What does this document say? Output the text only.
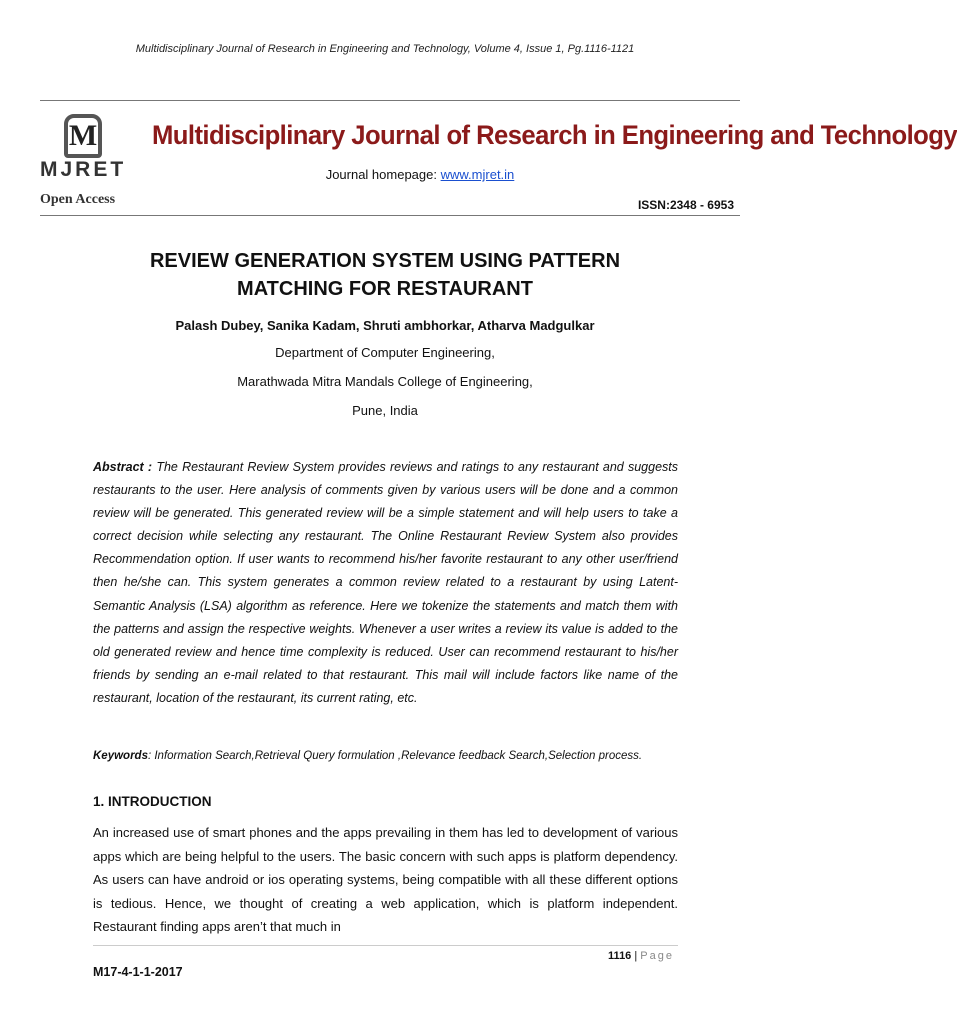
Multidisciplinary Journal of Research in Engineering and Technology, Volume 4, Issue 1, Pg.1116-1121
M
MJRET
Open Access
Multidisciplinary Journal of Research in Engineering and Technology
Journal homepage: www.mjret.in
ISSN:2348 - 6953
REVIEW GENERATION SYSTEM USING PATTERN
MATCHING FOR RESTAURANT
Palash Dubey, Sanika Kadam, Shruti ambhorkar, Atharva Madgulkar
Department of Computer Engineering,
Marathwada Mitra Mandals College of Engineering,
Pune, India
Abstract : The Restaurant Review System provides reviews and ratings to any restaurant and suggests restaurants to the user. Here analysis of comments given by various users will be done and a common review will be generated. This generated review will be a simple statement and will help users to take a correct decision while selecting any restaurant. The Online Restaurant Review System also provides Recommendation option. If user wants to recommend his/her favorite restaurant to any other user/friend then he/she can. This system generates a common review related to a restaurant by using Latent-Semantic Analysis (LSA) algorithm as reference. Here we tokenize the statements and match them with the patterns and assign the respective weights. Whenever a user writes a review its value is added to the old generated review and hence time complexity is reduced. User can recommend restaurant to his/her friends by sending an e-mail related to that restaurant. This mail will include factors like name of the restaurant, location of the restaurant, its current rating, etc.
Keywords: Information Search,Retrieval Query formulation ,Relevance feedback Search,Selection process.
1. INTRODUCTION
An increased use of smart phones and the apps prevailing in them has led to development of various apps which are being helpful to the users. The basic concern with such apps is platform dependency. As users can have android or ios operating systems, being compatible with all these different options is tedious. Hence, we thought of creating a web application, which is platform independent. Restaurant finding apps aren’t that much in
1116 | Page
M17-4-1-1-2017
